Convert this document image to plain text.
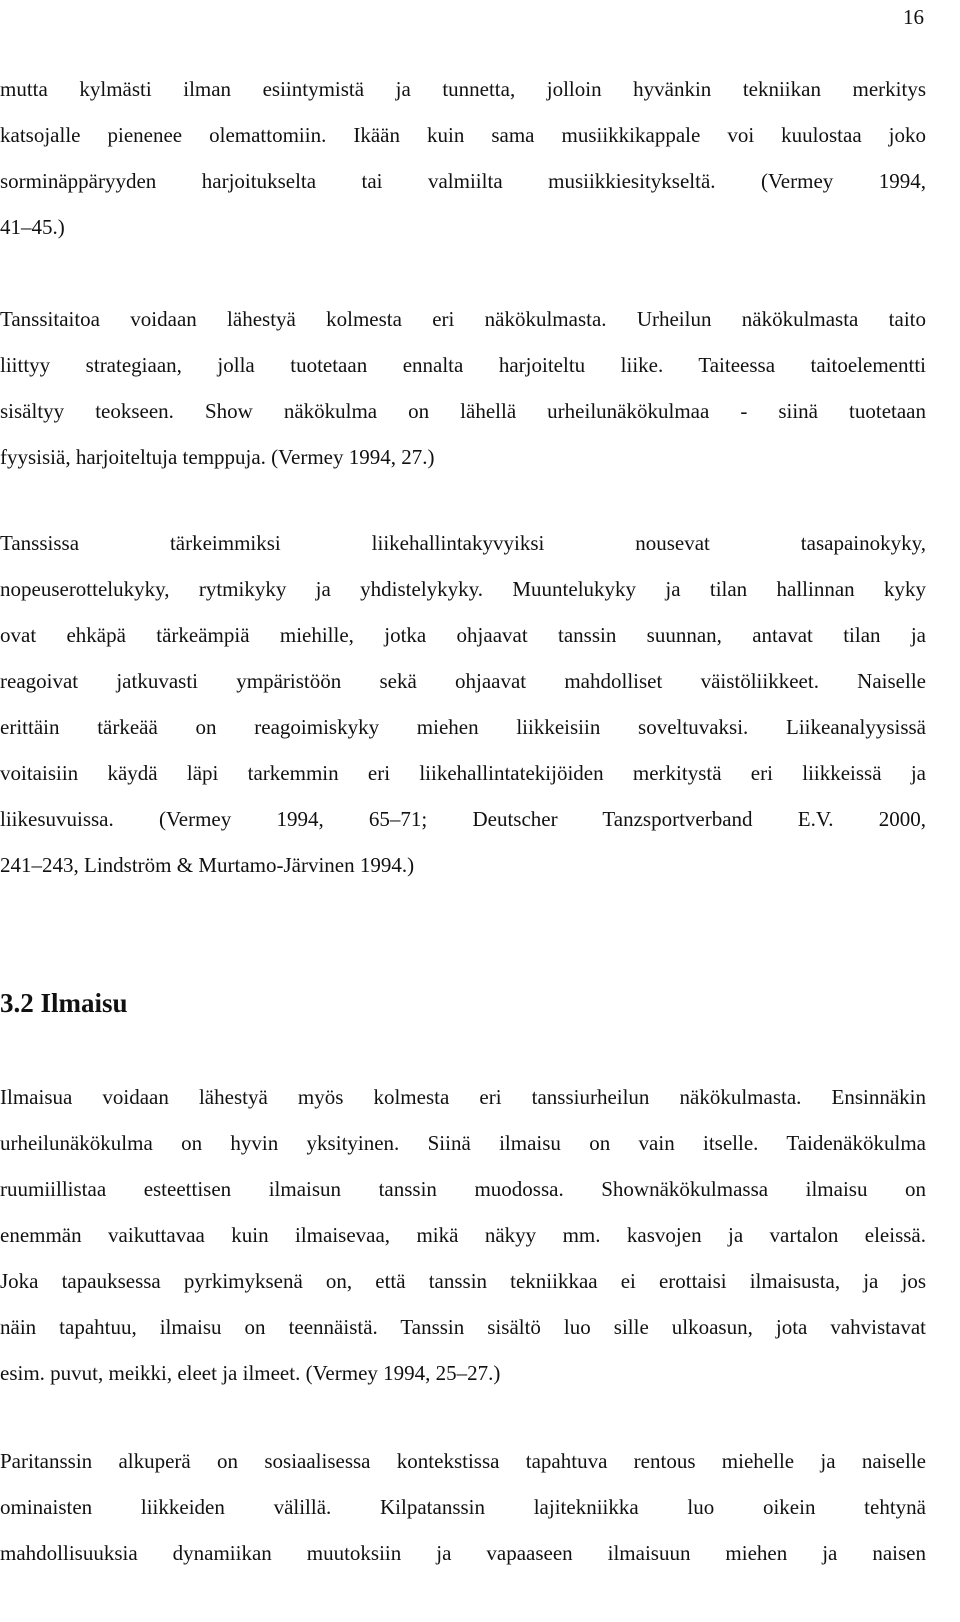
16
mutta kylmästi ilman esiintymistä ja tunnetta, jolloin hyvänkin tekniikan merkitys
katsojalle pienenee olemattomiin. Ikään kuin sama musiikkikappale voi kuulostaa joko
sorminäppäryyden harjoitukselta tai valmiilta musiikkiesitykseltä. (Vermey 1994,
41–45.)
Tanssitaitoa voidaan lähestyä kolmesta eri näkökulmasta. Urheilun näkökulmasta taito
liittyy strategiaan, jolla tuotetaan ennalta harjoiteltu liike. Taiteessa taitoelementti
sisältyy teokseen. Show näkökulma on lähellä urheilunäkökulmaa - siinä tuotetaan
fyysisiä, harjoiteltuja temppuja. (Vermey 1994, 27.)
Tanssissa tärkeimmiksi liikehallintakyvyiksi nousevat tasapainokyky,
nopeuserottelukyky, rytmikyky ja yhdistelykyky. Muuntelukyky ja tilan hallinnan kyky
ovat ehkäpä tärkeämpiä miehille, jotka ohjaavat tanssin suunnan, antavat tilan ja
reagoivat jatkuvasti ympäristöön sekä ohjaavat mahdolliset väistöliikkeet. Naiselle
erittäin tärkeää on reagoimiskyky miehen liikkeisiin soveltuvaksi. Liikeanalyysissä
voitaisiin käydä läpi tarkemmin eri liikehallintatekijöiden merkitystä eri liikkeissä ja
liikesuvuissa. (Vermey 1994, 65–71; Deutscher Tanzsportverband E.V. 2000,
241–243, Lindström & Murtamo-Järvinen 1994.)
3.2 Ilmaisu
Ilmaisua voidaan lähestyä myös kolmesta eri tanssiurheilun näkökulmasta. Ensinnäkin
urheilunäkökulma on hyvin yksityinen. Siinä ilmaisu on vain itselle. Taidenäkökulma
ruumiillistaa esteettisen ilmaisun tanssin muodossa. Shownäkökulmassa ilmaisu on
enemmän vaikuttavaa kuin ilmaisevaa, mikä näkyy mm. kasvojen ja vartalon eleissä.
Joka tapauksessa pyrkimyksenä on, että tanssin tekniikkaa ei erottaisi ilmaisusta, ja jos
näin tapahtuu, ilmaisu on teennäistä. Tanssin sisältö luo sille ulkoasun, jota vahvistavat
esim. puvut, meikki, eleet ja ilmeet. (Vermey 1994, 25–27.)
Paritanssin alkuperä on sosiaalisessa kontekstissa tapahtuva rentous miehelle ja naiselle
ominaisten liikkeiden välillä. Kilpatanssin lajitekniikka luo oikein tehtynä
mahdollisuuksia dynamiikan muutoksiin ja vapaaseen ilmaisuun miehen ja naisen
